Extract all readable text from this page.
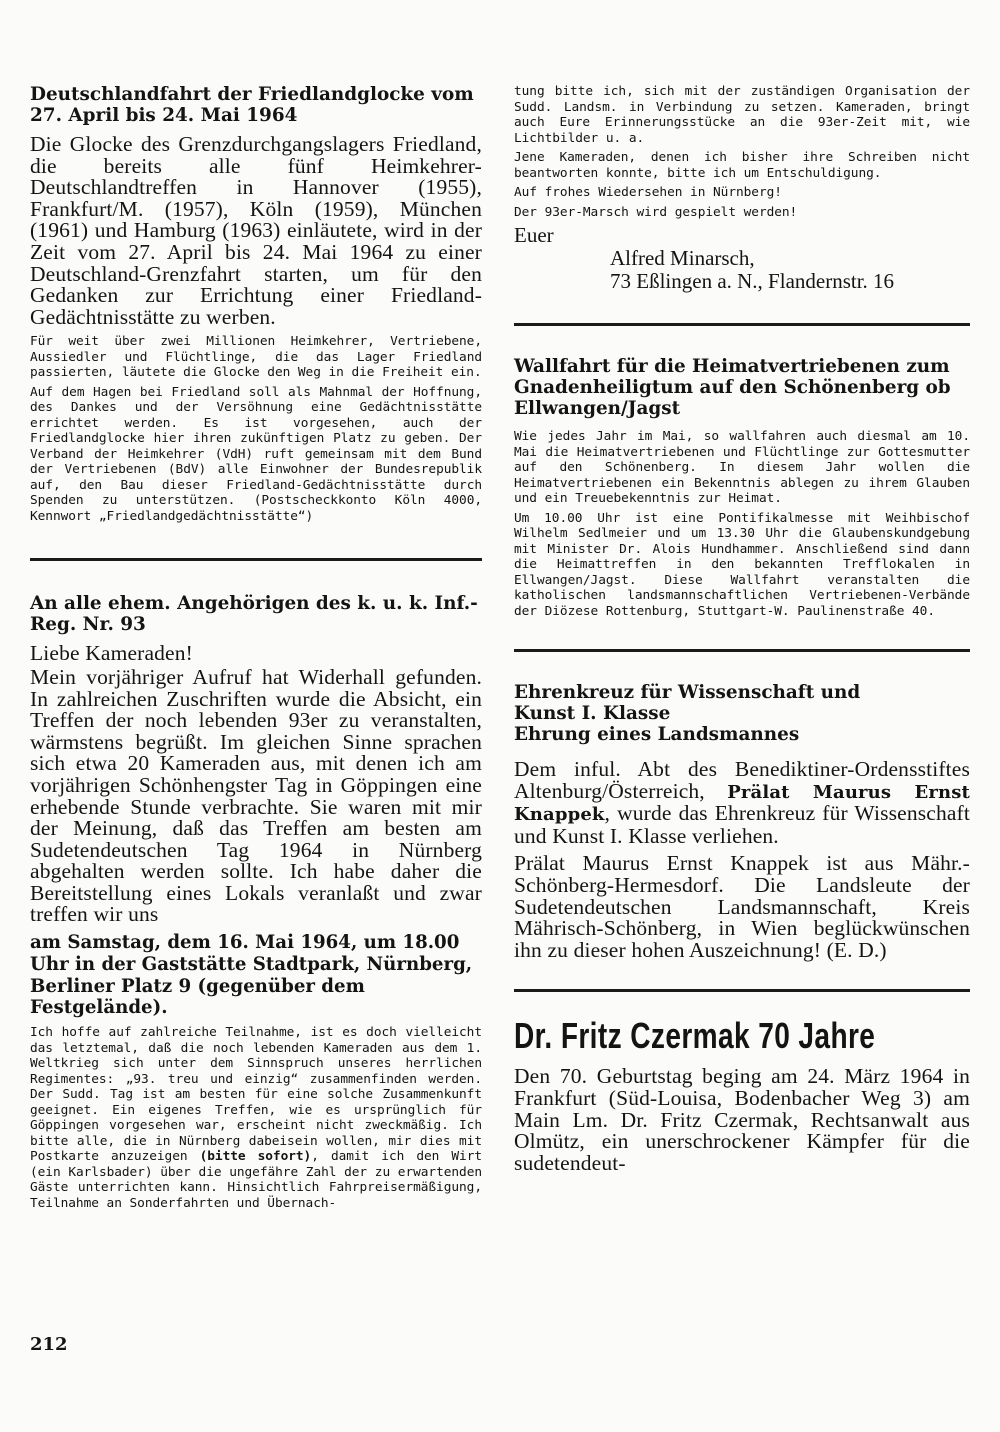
Deutschlandfahrt der Friedlandglocke vom 27. April bis 24. Mai 1964

Die Glocke des Grenzdurchgangslagers Friedland, die bereits alle fünf Heimkehrer-Deutschlandtreffen in Hannover (1955), Frankfurt/M. (1957), Köln (1959), München (1961) und Hamburg (1963) einläutete, wird in der Zeit vom 27. April bis 24. Mai 1964 zu einer Deutschland-Grenzfahrt starten, um für den Gedanken zur Errichtung einer Friedland-Gedächtnisstätte zu werben.

Für weit über zwei Millionen Heimkehrer, Vertriebene, Aussiedler und Flüchtlinge, die das Lager Friedland passierten, läutete die Glocke den Weg in die Freiheit ein.

Auf dem Hagen bei Friedland soll als Mahnmal der Hoffnung, des Dankes und der Versöhnung eine Gedächtnisstätte errichtet werden. Es ist vorgesehen, auch der Friedlandglocke hier ihren zukünftigen Platz zu geben. Der Verband der Heimkehrer (VdH) ruft gemeinsam mit dem Bund der Vertriebenen (BdV) alle Einwohner der Bundesrepublik auf, den Bau dieser Friedland-Gedächtnisstätte durch Spenden zu unterstützen. (Postscheckkonto Köln 4000, Kennwort „Friedlandgedächtnisstätte“)

An alle ehem. Angehörigen des k. u. k. Inf.-Reg. Nr. 93

Liebe Kameraden!

Mein vorjähriger Aufruf hat Widerhall gefunden. In zahlreichen Zuschriften wurde die Absicht, ein Treffen der noch lebenden 93er zu veranstalten, wärmstens begrüßt. Im gleichen Sinne sprachen sich etwa 20 Kameraden aus, mit denen ich am vorjährigen Schönhengster Tag in Göppingen eine erhebende Stunde verbrachte. Sie waren mit mir der Meinung, daß das Treffen am besten am Sudetendeutschen Tag 1964 in Nürnberg abgehalten werden sollte. Ich habe daher die Bereitstellung eines Lokals veranlaßt und zwar treffen wir uns

am Samstag, dem 16. Mai 1964, um 18.00 Uhr in der Gaststätte Stadtpark, Nürnberg, Berliner Platz 9 (gegenüber dem Festgelände).

Ich hoffe auf zahlreiche Teilnahme, ist es doch vielleicht das letztemal, daß die noch lebenden Kameraden aus dem 1. Weltkrieg sich unter dem Sinnspruch unseres herrlichen Regimentes: „93. treu und einzig“ zusammenfinden werden. Der Sudd. Tag ist am besten für eine solche Zusammenkunft geeignet. Ein eigenes Treffen, wie es ursprünglich für Göppingen vorgesehen war, erscheint nicht zweckmäßig. Ich bitte alle, die in Nürnberg dabeisein wollen, mir dies mit Postkarte anzuzeigen (bitte sofort), damit ich den Wirt (ein Karlsbader) über die ungefähre Zahl der zu erwartenden Gäste unterrichten kann. Hinsichtlich Fahrpreisermäßigung, Teilnahme an Sonderfahrten und Übernach-

tung bitte ich, sich mit der zuständigen Organisation der Sudd. Landsm. in Verbindung zu setzen. Kameraden, bringt auch Eure Erinnerungsstücke an die 93er-Zeit mit, wie Lichtbilder u. a.

Jene Kameraden, denen ich bisher ihre Schreiben nicht beantworten konnte, bitte ich um Entschuldigung.

Auf frohes Wiedersehen in Nürnberg!

Der 93er-Marsch wird gespielt werden!

Euer

Alfred Minarsch,

73 Eßlingen a. N., Flandernstr. 16

Wallfahrt für die Heimatvertriebenen zum Gnadenheiligtum auf den Schönenberg ob Ellwangen/Jagst

Wie jedes Jahr im Mai, so wallfahren auch diesmal am 10. Mai die Heimatvertriebenen und Flüchtlinge zur Gottesmutter auf den Schönenberg. In diesem Jahr wollen die Heimatvertriebenen ein Bekenntnis ablegen zu ihrem Glauben und ein Treuebekenntnis zur Heimat.

Um 10.00 Uhr ist eine Pontifikalmesse mit Weihbischof Wilhelm Sedlmeier und um 13.30 Uhr die Glaubenskundgebung mit Minister Dr. Alois Hundhammer. Anschließend sind dann die Heimattreffen in den bekannten Trefflokalen in Ellwangen/Jagst. Diese Wallfahrt veranstalten die katholischen landsmannschaftlichen Vertriebenen-Verbände der Diözese Rottenburg, Stuttgart-W. Paulinenstraße 40.

Ehrenkreuz für Wissenschaft und
Kunst I. Klasse
Ehrung eines Landsmannes

Dem inful. Abt des Benediktiner-Ordensstiftes Altenburg/Österreich, Prälat Maurus Ernst Knappek, wurde das Ehrenkreuz für Wissenschaft und Kunst I. Klasse verliehen.

Prälat Maurus Ernst Knappek ist aus Mähr.-Schönberg-Hermesdorf. Die Landsleute der Sudetendeutschen Landsmannschaft, Kreis Mährisch-Schönberg, in Wien beglückwünschen ihn zu dieser hohen Auszeichnung! (E. D.)

Dr. Fritz Czermak 70 Jahre

Den 70. Geburtstag beging am 24. März 1964 in Frankfurt (Süd-Louisa, Bodenbacher Weg 3) am Main Lm. Dr. Fritz Czermak, Rechtsanwalt aus Olmütz, ein unerschrockener Kämpfer für die sudetendeut-

212
